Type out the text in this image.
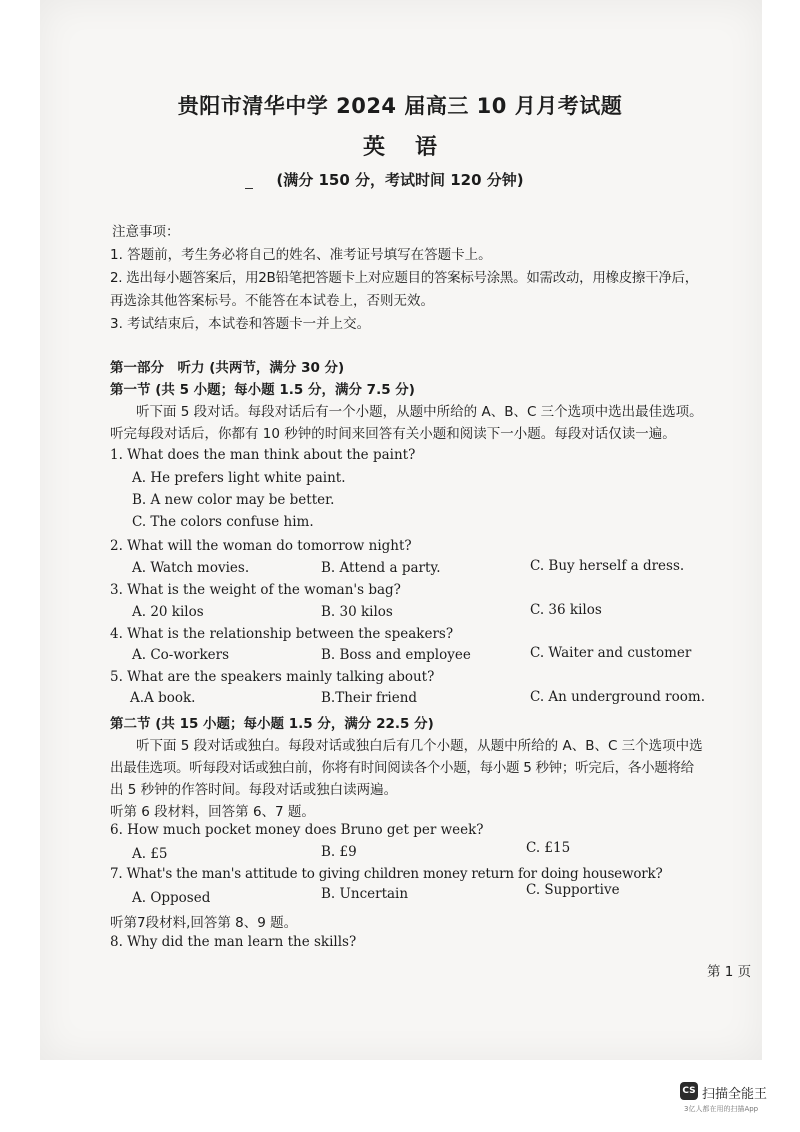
贵阳市清华中学 2024 届高三 10 月月考试题
英语
(满分 150 分，考试时间 120 分钟)
注意事项：
1. 答题前，考生务必将自己的姓名、准考证号填写在答题卡上。
2. 选出每小题答案后，用2B铅笔把答题卡上对应题目的答案标号涂黑。如需改动，用橡皮擦干净后，
再选涂其他答案标号。不能答在本试卷上，否则无效。
3. 考试结束后，本试卷和答题卡一并上交。
第一部分　听力 (共两节，满分 30 分)
第一节 (共 5 小题；每小题 1.5 分，满分 7.5 分)
听下面 5 段对话。每段对话后有一个小题，从题中所给的 A、B、C 三个选项中选出最佳选项。
听完每段对话后，你都有 10 秒钟的时间来回答有关小题和阅读下一小题。每段对话仅读一遍。
1. What does the man think about the paint?
A. He prefers light white paint.
B. A new color may be better.
C. The colors confuse him.
2. What will the woman do tomorrow night?
A. Watch movies.	B. Attend a party.	C. Buy herself a dress.
3. What is the weight of the woman's bag?
A. 20 kilos	B. 30 kilos	C. 36 kilos
4. What is the relationship between the speakers?
A. Co-workers	B. Boss and employee	C. Waiter and customer
5. What are the speakers mainly talking about?
A.A book.	B.Their friend	C. An underground room.
第二节 (共 15 小题；每小题 1.5 分，满分 22.5 分)
听下面 5 段对话或独白。每段对话或独白后有几个小题，从题中所给的 A、B、C 三个选项中选
出最佳选项。听每段对话或独白前，你将有时间阅读各个小题，每小题 5 秒钟；听完后，各小题将给
出 5 秒钟的作答时间。每段对话或独白读两遍。
听第 6 段材料，回答第 6、7 题。
6. How much pocket money does Bruno get per week?
A. £5	B. £9	C. £15
7. What's the man's attitude to giving children money return for doing housework?
A. Opposed	B. Uncertain	C. Supportive
听第7段材料,回答第 8、9 题。
8. Why did the man learn the skills?
第 1 页
CS 扫描全能王
3亿人都在用的扫描App
